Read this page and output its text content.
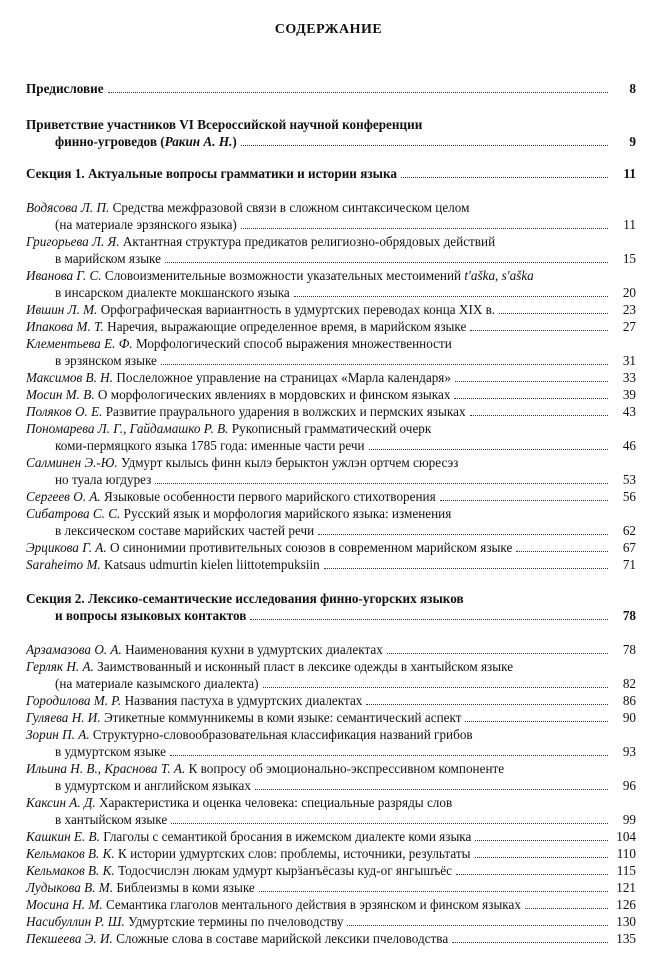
СОДЕРЖАНИЕ
Предисловие	8
Приветствие участников VI Всероссийской научной конференции
финно-угроведов (Ракин А. Н.)	9
Секция 1. Актуальные вопросы грамматики и истории языка	11
Водясова Л. П. Средства межфразовой связи в сложном синтаксическом целом
(на материале эрзянского языка)	11
Григорьева Л. Я. Актантная структура предикатов религиозно-обрядовых действий
в марийском языке	15
Иванова Г. С. Словоизменительные возможности указательных местоимений t'aška, s'aška
в инсарском диалекте мокшанского языка	20
Ившин Л. М. Орфографическая вариантность в удмуртских переводах конца XIX в.	23
Ипакова М. Т. Наречия, выражающие определенное время, в марийском языке	27
Клементьева Е. Ф. Морфологический способ выражения множественности
в эрзянском языке	31
Максимов В. Н. Послеложное управление на страницах «Марла календаря»	33
Мосин М. В. О морфологических явлениях в мордовских и финском языках	39
Поляков О. Е. Развитие праурального ударения в волжских и пермских языках	43
Пономарева Л. Г., Гайдамашко Р. В. Рукописный грамматический очерк
коми-пермяцкого языка 1785 года: именные части речи	46
Салминен Э.-Ю. Удмурт кылысь финн кылэ берыктон ужлэн ортчем сюресэз
но туала югдурез	53
Сергеев О. А. Языковые особенности первого марийского стихотворения	56
Сибатрова С. С. Русский язык и морфология марийского языка: изменения
в лексическом составе марийских частей речи	62
Эрцикова Г. А. О синонимии противительных союзов в современном марийском языке	67
Saraheimo M. Katsaus udmurtin kielen liittotempuksiin	71
Секция 2. Лексико-семантические исследования финно-угорских языков
и вопросы языковых контактов	78
Арзамазова О. А. Наименования кухни в удмуртских диалектах	78
Герляк Н. А. Заимствованный и исконный пласт в лексике одежды в хантыйском языке
(на материале казымского диалекта)	82
Городилова М. Р. Названия пастуха в удмуртских диалектах	86
Гуляева Н. И. Этикетные коммунникемы в коми языке: семантический аспект	90
Зорин П. А. Структурно-словообразовательная классификация названий грибов
в удмуртском языке	93
Ильина Н. В., Краснова Т. А. К вопросу об эмоционально-экспрессивном компоненте
в удмуртском и английском языках	96
Каксин А. Д. Характеристика и оценка человека: специальные разряды слов
в хантыйском языке	99
Кашкин Е. В. Глаголы с семантикой бросания в ижемском диалекте коми языка	104
Кельмаков В. К. К истории удмуртских слов: проблемы, источники, результаты	110
Кельмаков В. К. Тодосчислэн люкам удмурт кырӟанъёсазы куд-ог янгышъёс	115
Лудыкова В. М. Библеизмы в коми языке	121
Мосина Н. М. Семантика глаголов ментального действия в эрзянском и финском языках	126
Насибуллин Р. Ш. Удмуртские термины по пчеловодству	130
Пекшеева Э. И. Сложные слова в составе марийской лексики пчеловодства	135
